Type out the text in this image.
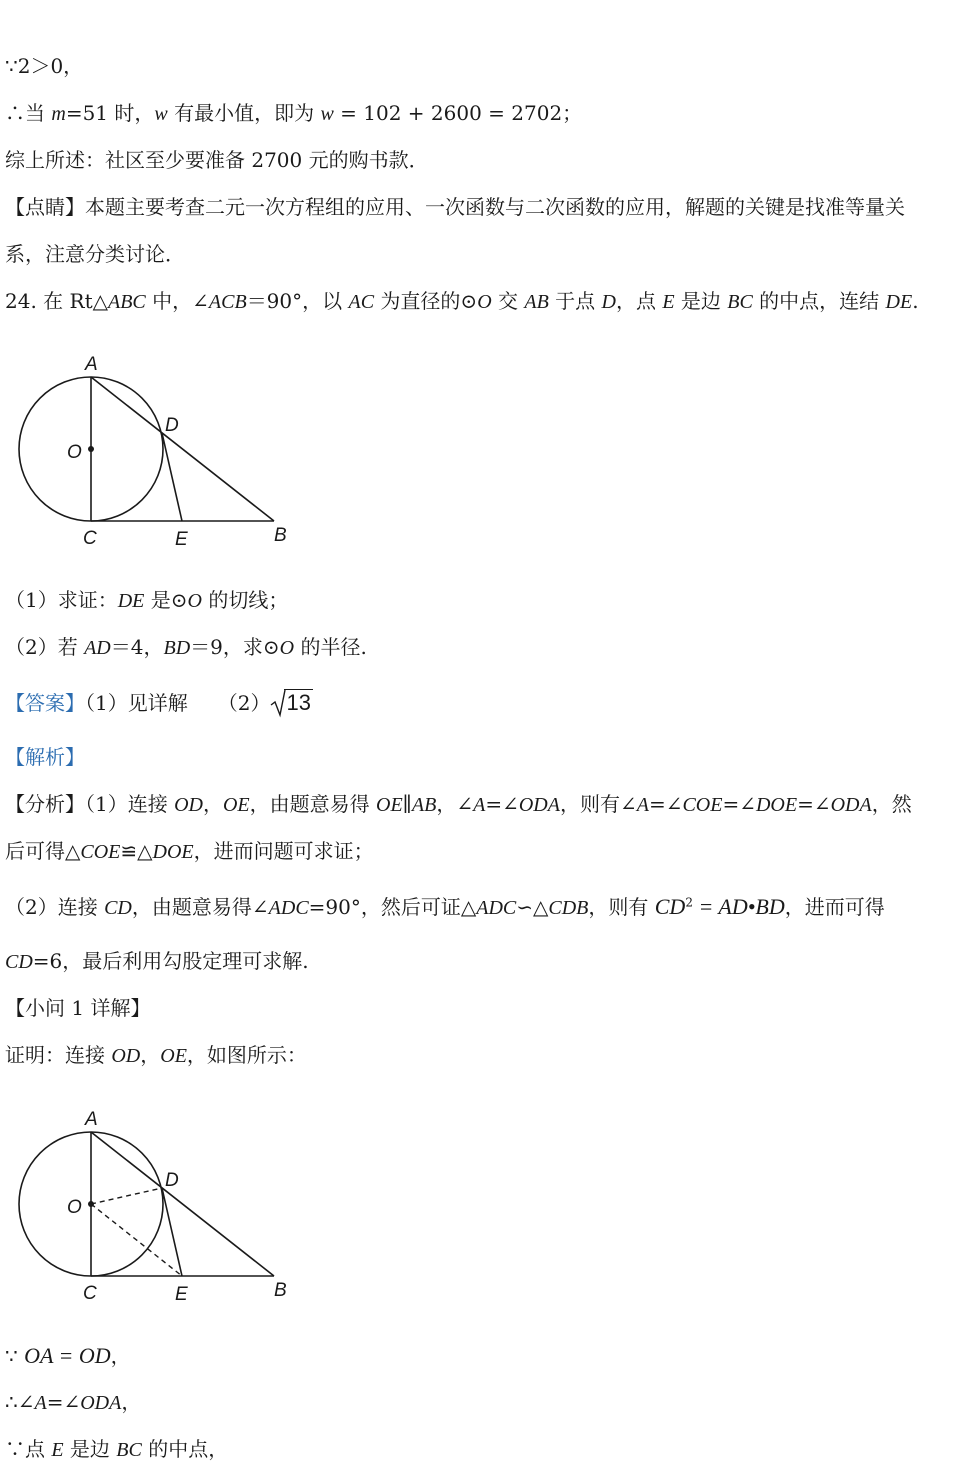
∵2＞0，
∴当 m=51 时，w 有最小值，即为 w = 102 + 2600 = 2702；
综上所述：社区至少要准备 2700 元的购书款．
【点睛】本题主要考查二元一次方程组的应用、一次函数与二次函数的应用，解题的关键是找准等量关
系，注意分类讨论．
24. 在 Rt△ABC 中，∠ACB＝90°，以 AC 为直径的⊙O 交 AB 于点 D，点 E 是边 BC 的中点，连结 DE.
A
O
D
C	E	B
（1）求证：DE 是⊙O 的切线；
（2）若 AD＝4，BD＝9，求⊙O 的半径.
【答案】（1）见详解　　（2） 13
【解析】
【分析】（1）连接 OD，OE，由题意易得 OE∥AB，∠A=∠ODA，则有∠A=∠COE=∠DOE=∠ODA，然
后可得△COE≌△DOE，进而问题可求证；
（2）连接 CD，由题意易得∠ADC=90°，然后可证△ADC∽△CDB，则有 $CD^2$ = AD•BD，进而可得
CD=6，最后利用勾股定理可求解.
【小问 1 详解】
证明：连接 OD，OE，如图所示：
A
O
D
C	E	B
∵ OA = OD，
∴∠A=∠ODA，
∵点 E 是边 BC 的中点，
